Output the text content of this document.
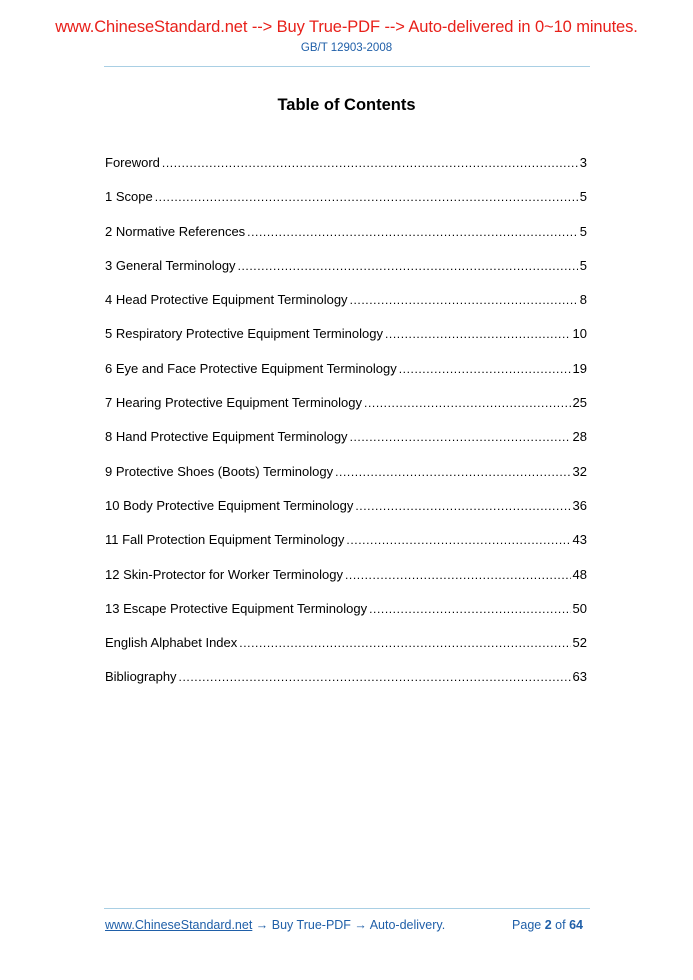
www.ChineseStandard.net --> Buy True-PDF --> Auto-delivered in 0~10 minutes.
GB/T 12903-2008
Table of Contents
Foreword .....	3
1 Scope .....	5
2 Normative References .....	5
3 General Terminology .....	5
4 Head Protective Equipment Terminology .....	8
5 Respiratory Protective Equipment Terminology .....	10
6 Eye and Face Protective Equipment Terminology .....	19
7 Hearing Protective Equipment Terminology .....	25
8 Hand Protective Equipment Terminology .....	28
9 Protective Shoes (Boots) Terminology .....	32
10 Body Protective Equipment Terminology .....	36
11 Fall Protection Equipment Terminology .....	43
12 Skin-Protector for Worker Terminology .....	48
13 Escape Protective Equipment Terminology .....	50
English Alphabet Index .....	52
Bibliography .....	63
www.ChineseStandard.net → Buy True-PDF → Auto-delivery.	Page 2 of 64
